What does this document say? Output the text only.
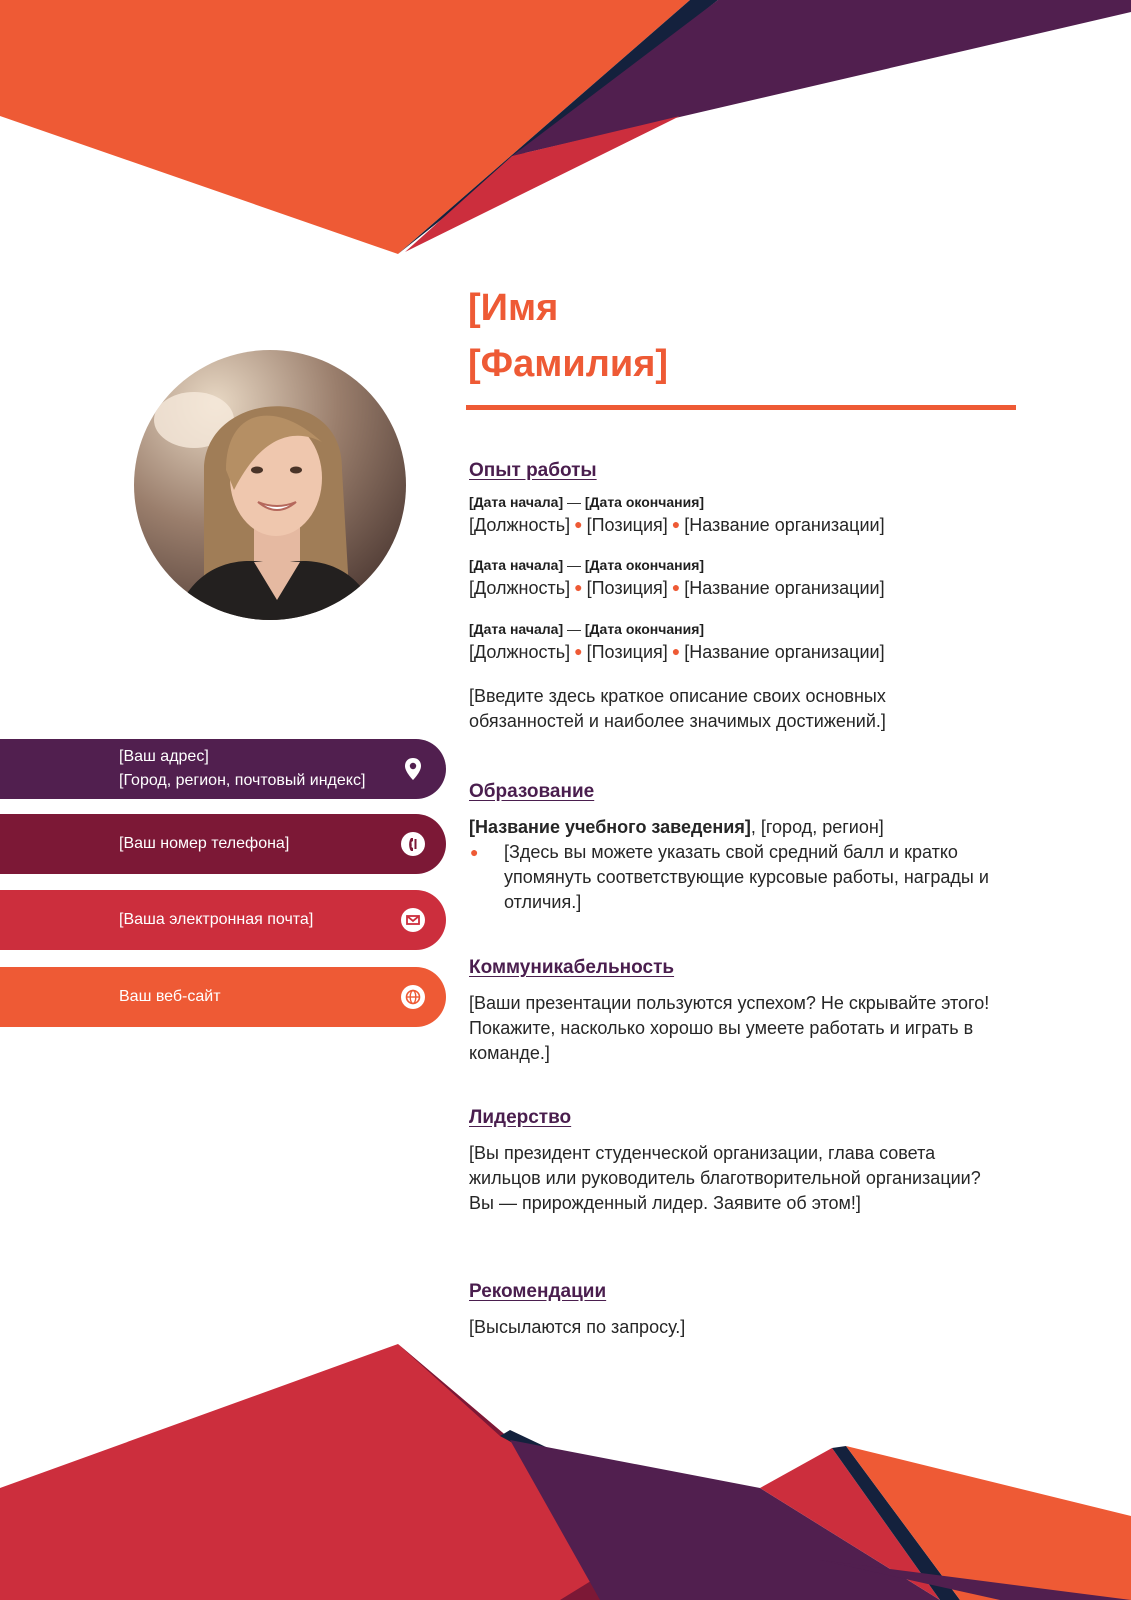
[Имя
[Фамилия]
[Ваш адрес]
[Город, регион, почтовый индекс]
[Ваш номер телефона]
[Ваша электронная почта]
Ваш веб-сайт
Опыт работы
[Дата начала] — [Дата окончания]
[Должность] ● [Позиция] ● [Название организации]
[Дата начала] — [Дата окончания]
[Должность] ● [Позиция] ● [Название организации]
[Дата начала] — [Дата окончания]
[Должность] ● [Позиция] ● [Название организации]

[Введите здесь краткое описание своих основных обязанностей и наиболее значимых достижений.]

Образование
[Название учебного заведения], [город, регион]
●	[Здесь вы можете указать свой средний балл и кратко упомянуть соответствующие курсовые работы, награды и отличия.]
Коммуникабельность

[Ваши презентации пользуются успехом? Не скрывайте этого! Покажите, насколько хорошо вы умеете работать и играть в команде.]

Лидерство

[Вы президент студенческой организации, глава совета жильцов или руководитель благотворительной организации?

Вы — прирожденный лидер. Заявите об этом!]

Рекомендации

[Высылаются по запросу.]
